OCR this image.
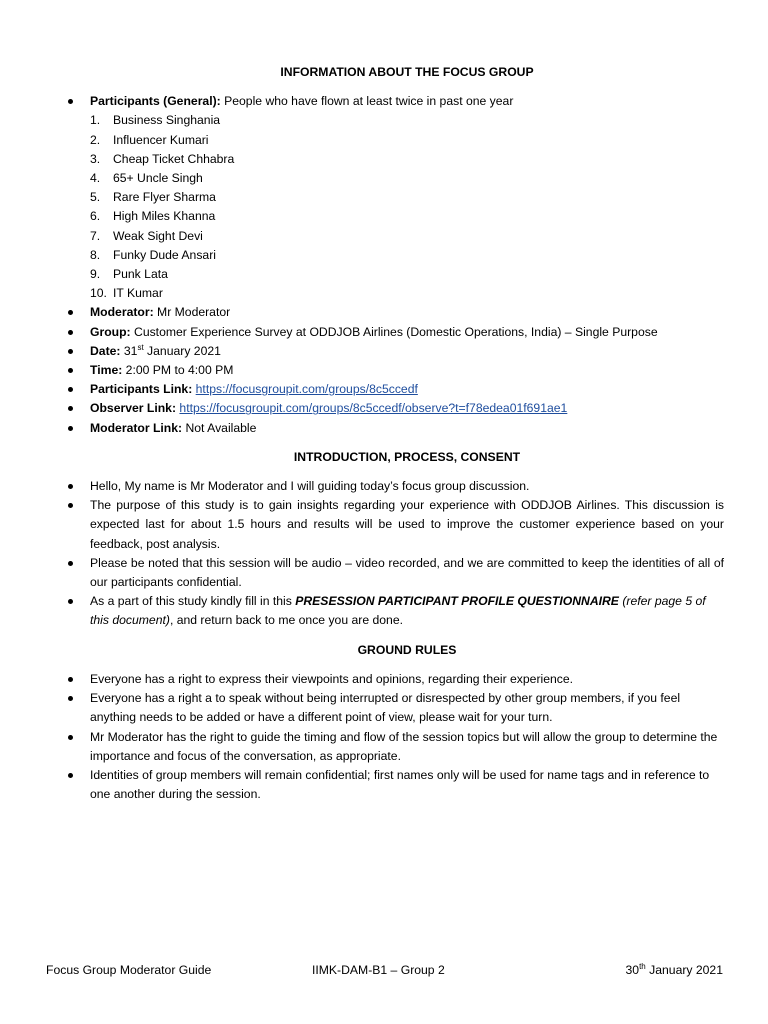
INFORMATION ABOUT THE FOCUS GROUP
Participants (General): People who have flown at least twice in past one year
1.	Business Singhania
2.	Influencer Kumari
3.	Cheap Ticket Chhabra
4.	65+ Uncle Singh
5.	Rare Flyer Sharma
6.	High Miles Khanna
7.	Weak Sight Devi
8.	Funky Dude Ansari
9.	Punk Lata
10. IT Kumar
Moderator: Mr Moderator
Group: Customer Experience Survey at ODDJOB Airlines (Domestic Operations, India) – Single Purpose
Date: 31st January 2021
Time: 2:00 PM to 4:00 PM
Participants Link: https://focusgroupit.com/groups/8c5ccedf
Observer Link: https://focusgroupit.com/groups/8c5ccedf/observe?t=f78edea01f691ae1
Moderator Link: Not Available
INTRODUCTION, PROCESS, CONSENT
Hello, My name is Mr Moderator and I will guiding today’s focus group discussion.
The purpose of this study is to gain insights regarding your experience with ODDJOB Airlines. This discussion is expected last for about 1.5 hours and results will be used to improve the customer experience based on your feedback, post analysis.
Please be noted that this session will be audio – video recorded, and we are committed to keep the identities of all of our participants confidential.
As a part of this study kindly fill in this PRESESSION PARTICIPANT PROFILE QUESTIONNAIRE (refer page 5 of this document), and return back to me once you are done.
GROUND RULES
Everyone has a right to express their viewpoints and opinions, regarding their experience.
Everyone has a right a to speak without being interrupted or disrespected by other group members, if you feel anything needs to be added or have a different point of view, please wait for your turn.
Mr Moderator has the right to guide the timing and flow of the session topics but will allow the group to determine the importance and focus of the conversation, as appropriate.
Identities of group members will remain confidential; first names only will be used for name tags and in reference to one another during the session.
Focus Group Moderator Guide	IIMK-DAM-B1 – Group 2	30th January 2021
